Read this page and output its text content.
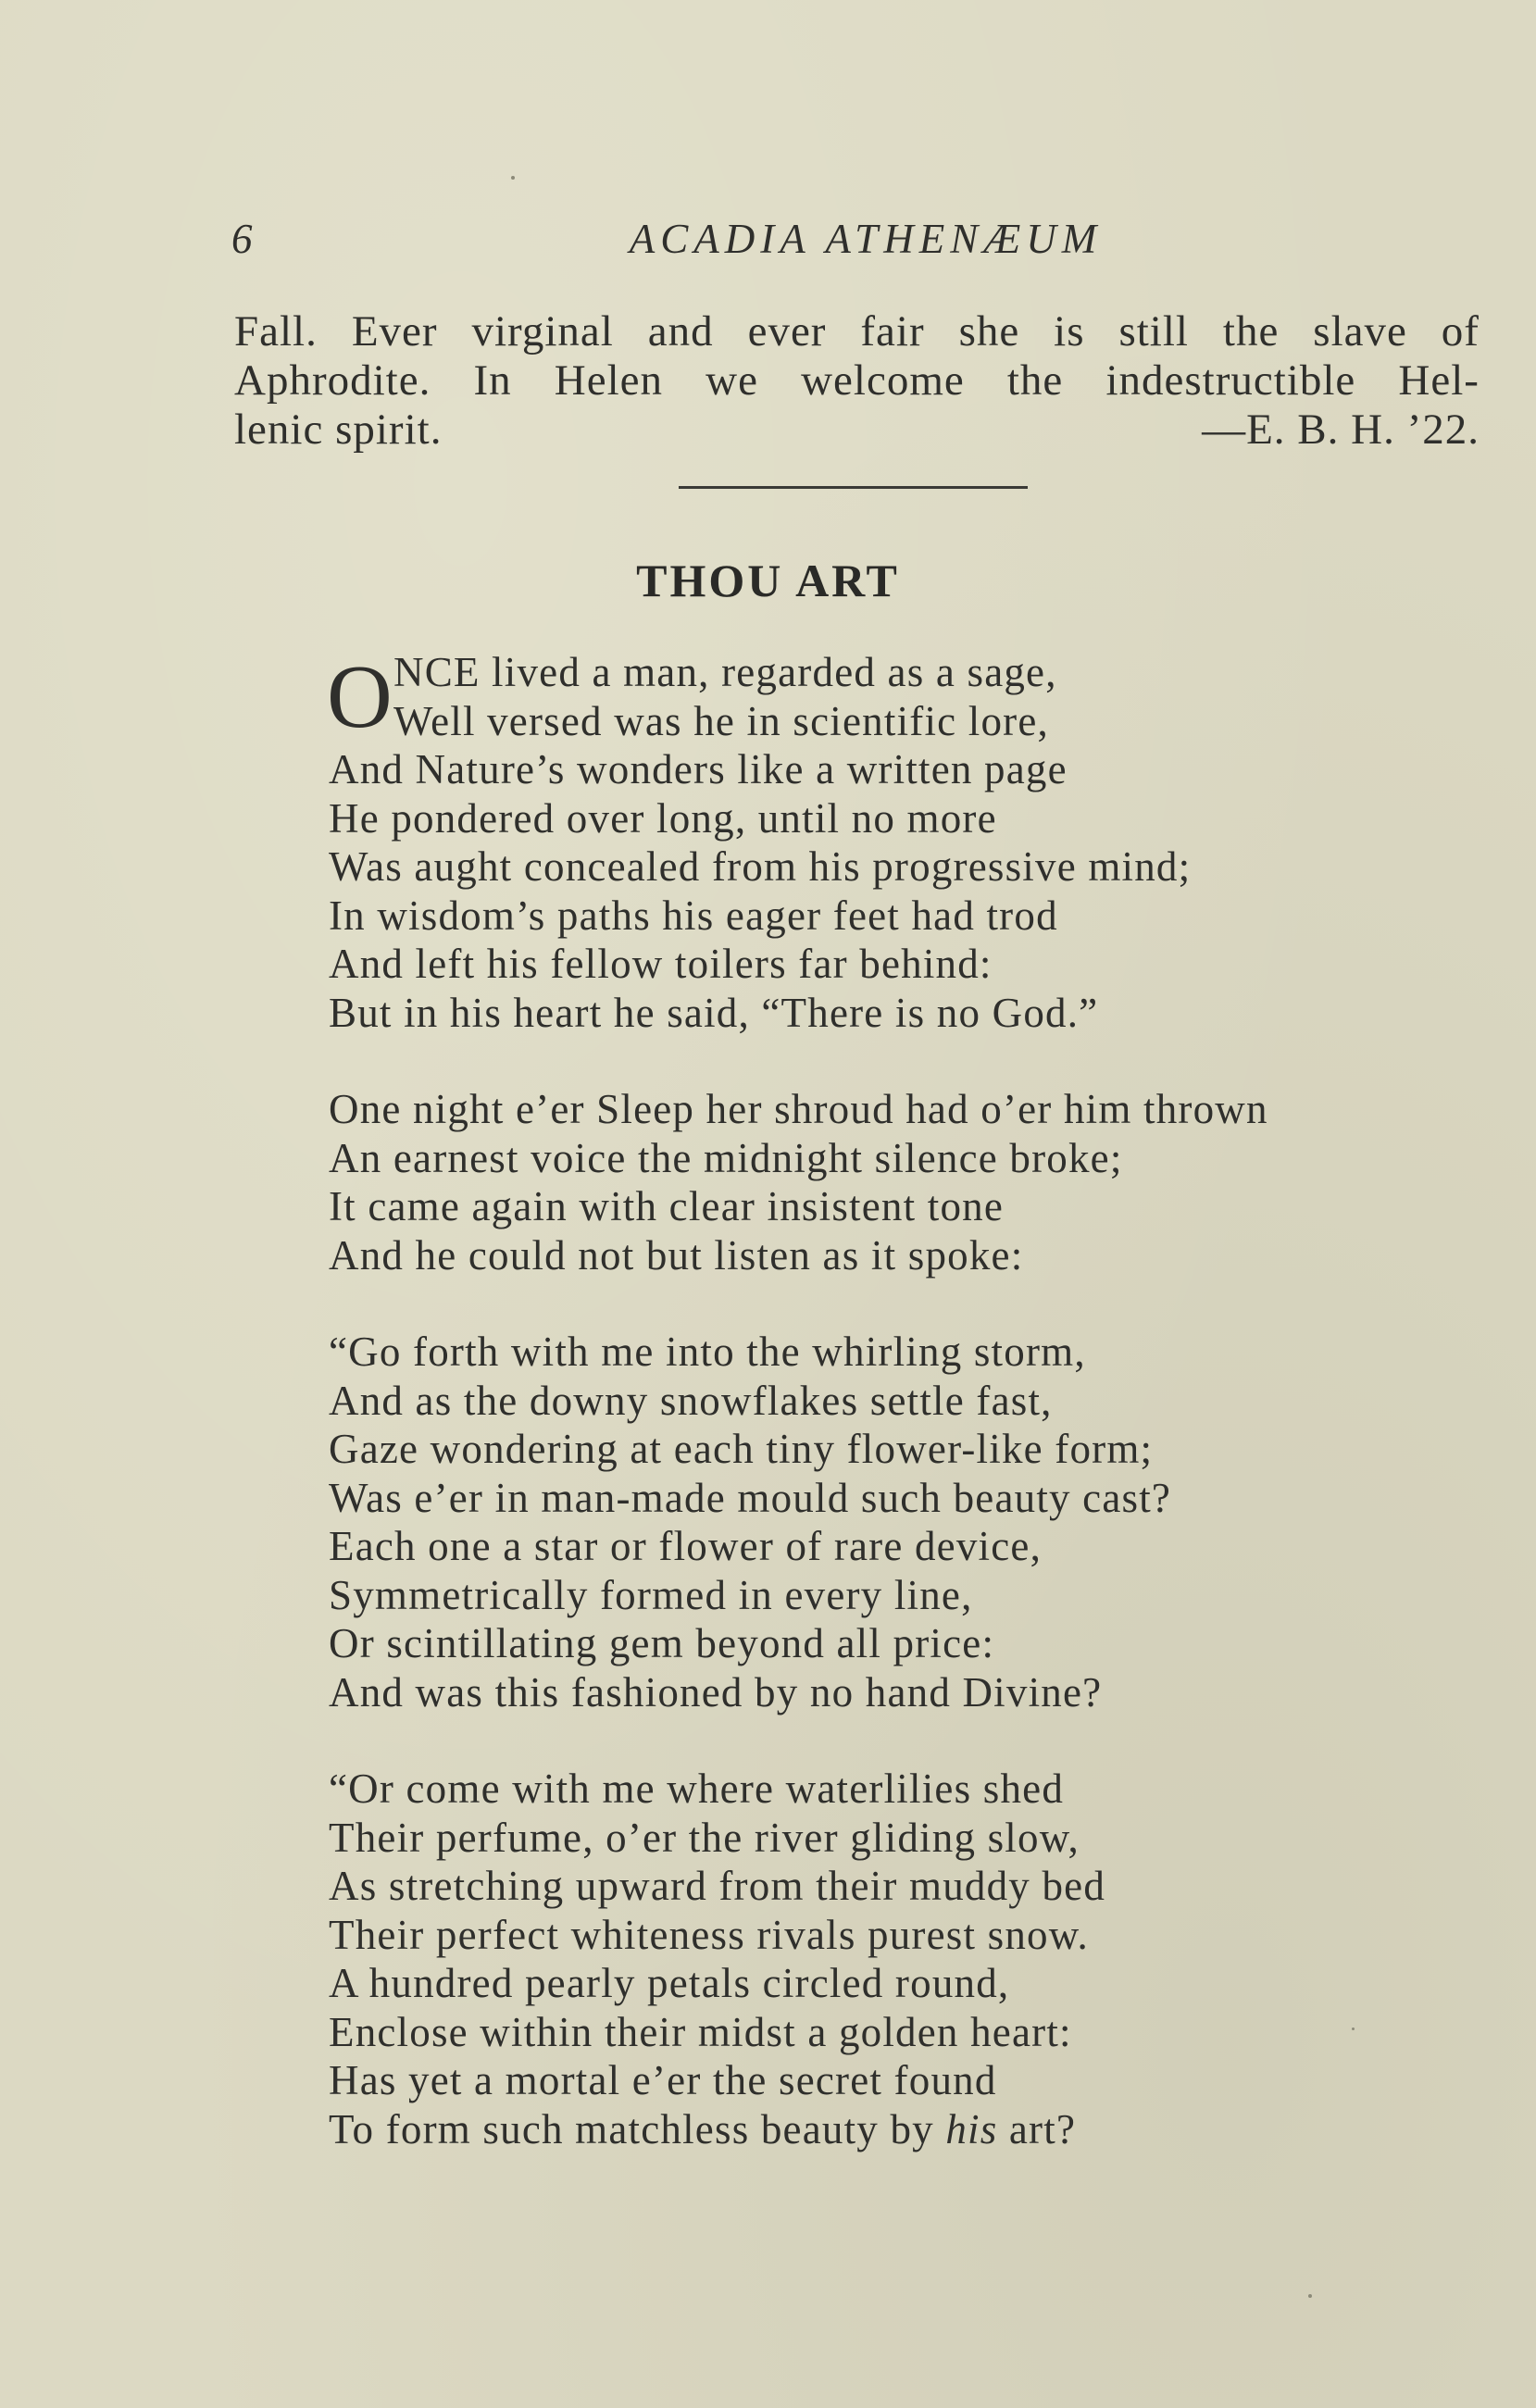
6	ACADIA ATHENÆUM
Fall. Ever virginal and ever fair she is still the slave of
Aphrodite. In Helen we welcome the indestructible Hel-
lenic spirit.	—E. B. H. ’22.
THOU ART
O NCE lived a man, regarded as a sage,
Well versed was he in scientific lore,
And Nature’s wonders like a written page
He pondered over long, until no more
Was aught concealed from his progressive mind;
In wisdom’s paths his eager feet had trod
And left his fellow toilers far behind:
But in his heart he said, “There is no God.”
One night e’er Sleep her shroud had o’er him thrown
An earnest voice the midnight silence broke;
It came again with clear insistent tone
And he could not but listen as it spoke:
“Go forth with me into the whirling storm,
And as the downy snowflakes settle fast,
Gaze wondering at each tiny flower-like form;
Was e’er in man-made mould such beauty cast?
Each one a star or flower of rare device,
Symmetrically formed in every line,
Or scintillating gem beyond all price:
And was this fashioned by no hand Divine?
“Or come with me where waterlilies shed
Their perfume, o’er the river gliding slow,
As stretching upward from their muddy bed
Their perfect whiteness rivals purest snow.
A hundred pearly petals circled round,
Enclose within their midst a golden heart:
Has yet a mortal e’er the secret found
To form such matchless beauty by his art?
